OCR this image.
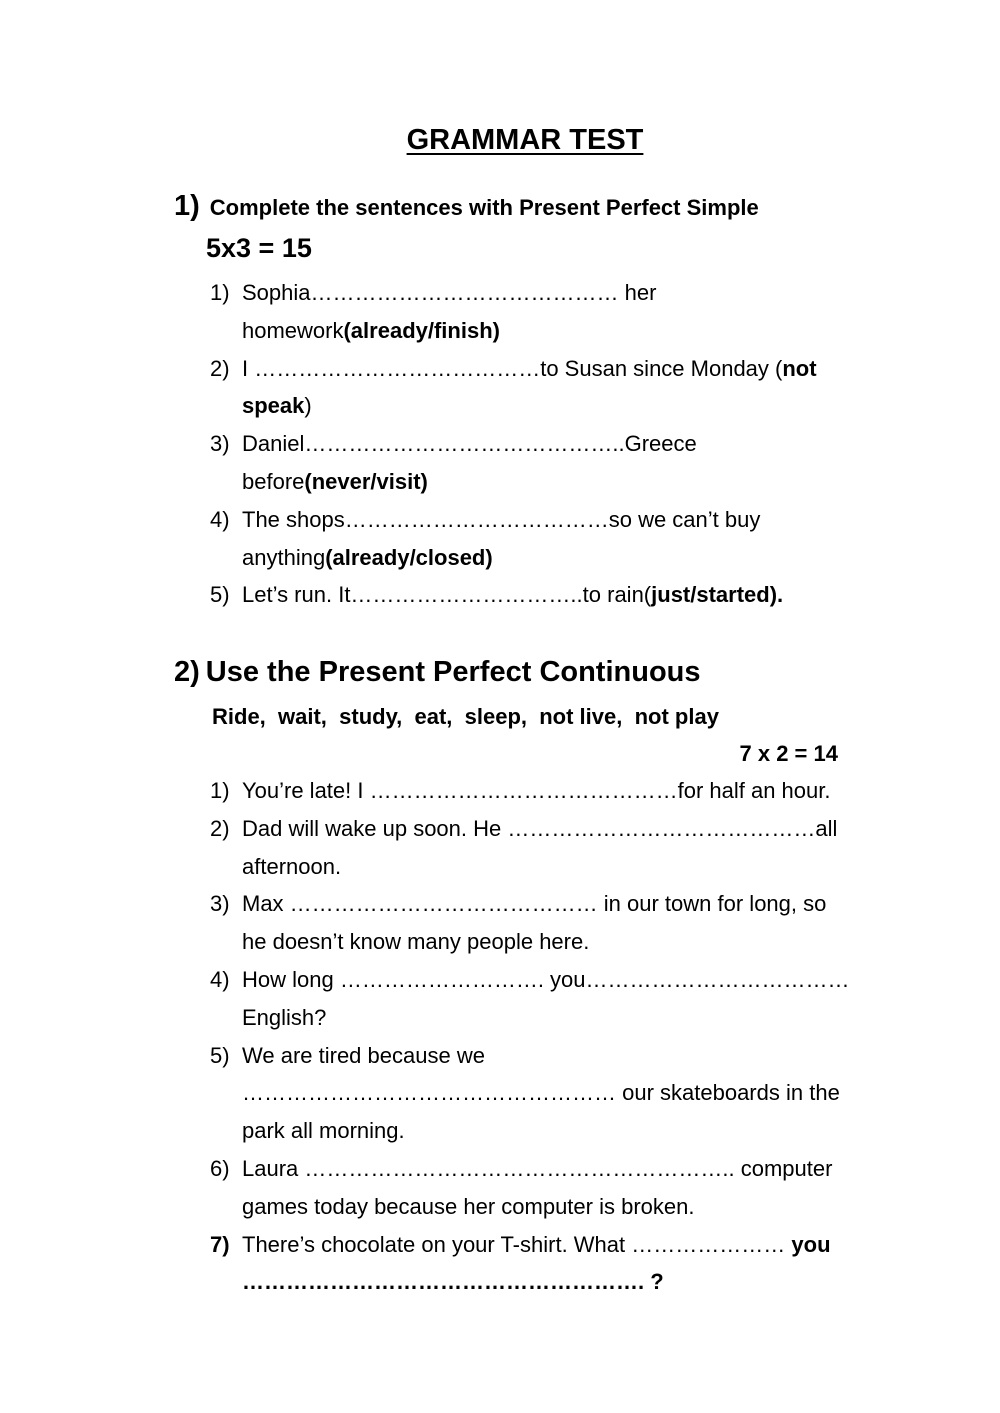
GRAMMAR TEST
1) Complete the sentences with Present Perfect Simple
5x3 = 15
1) Sophia…………………………………… her homework(already/finish)
2) I …………………………………to Susan since Monday (not speak)
3) Daniel……………………………………..Greece before(never/visit)
4) The shops………………………………so we can’t buy anything(already/closed)
5) Let’s run. It…………………………..to rain(just/started).
2) Use the Present Perfect Continuous
Ride,  wait,  study,  eat,  sleep,  not live,  not play
7 x 2 = 14
1) You’re late! I ……………………………………for half an hour.
2) Dad will wake up soon. He ……………………………………all afternoon.
3) Max …………………………………… in our town for long, so he doesn’t know many people here.
4) How long ………………………. you……………………………… English?
5) We are tired because we …………………………………………… our skateboards in the park all morning.
6) Laura ………………………………………………….. computer games today because her computer is broken.
7) There’s chocolate on your T-shirt. What ………………… you ………………………………………………. ?
